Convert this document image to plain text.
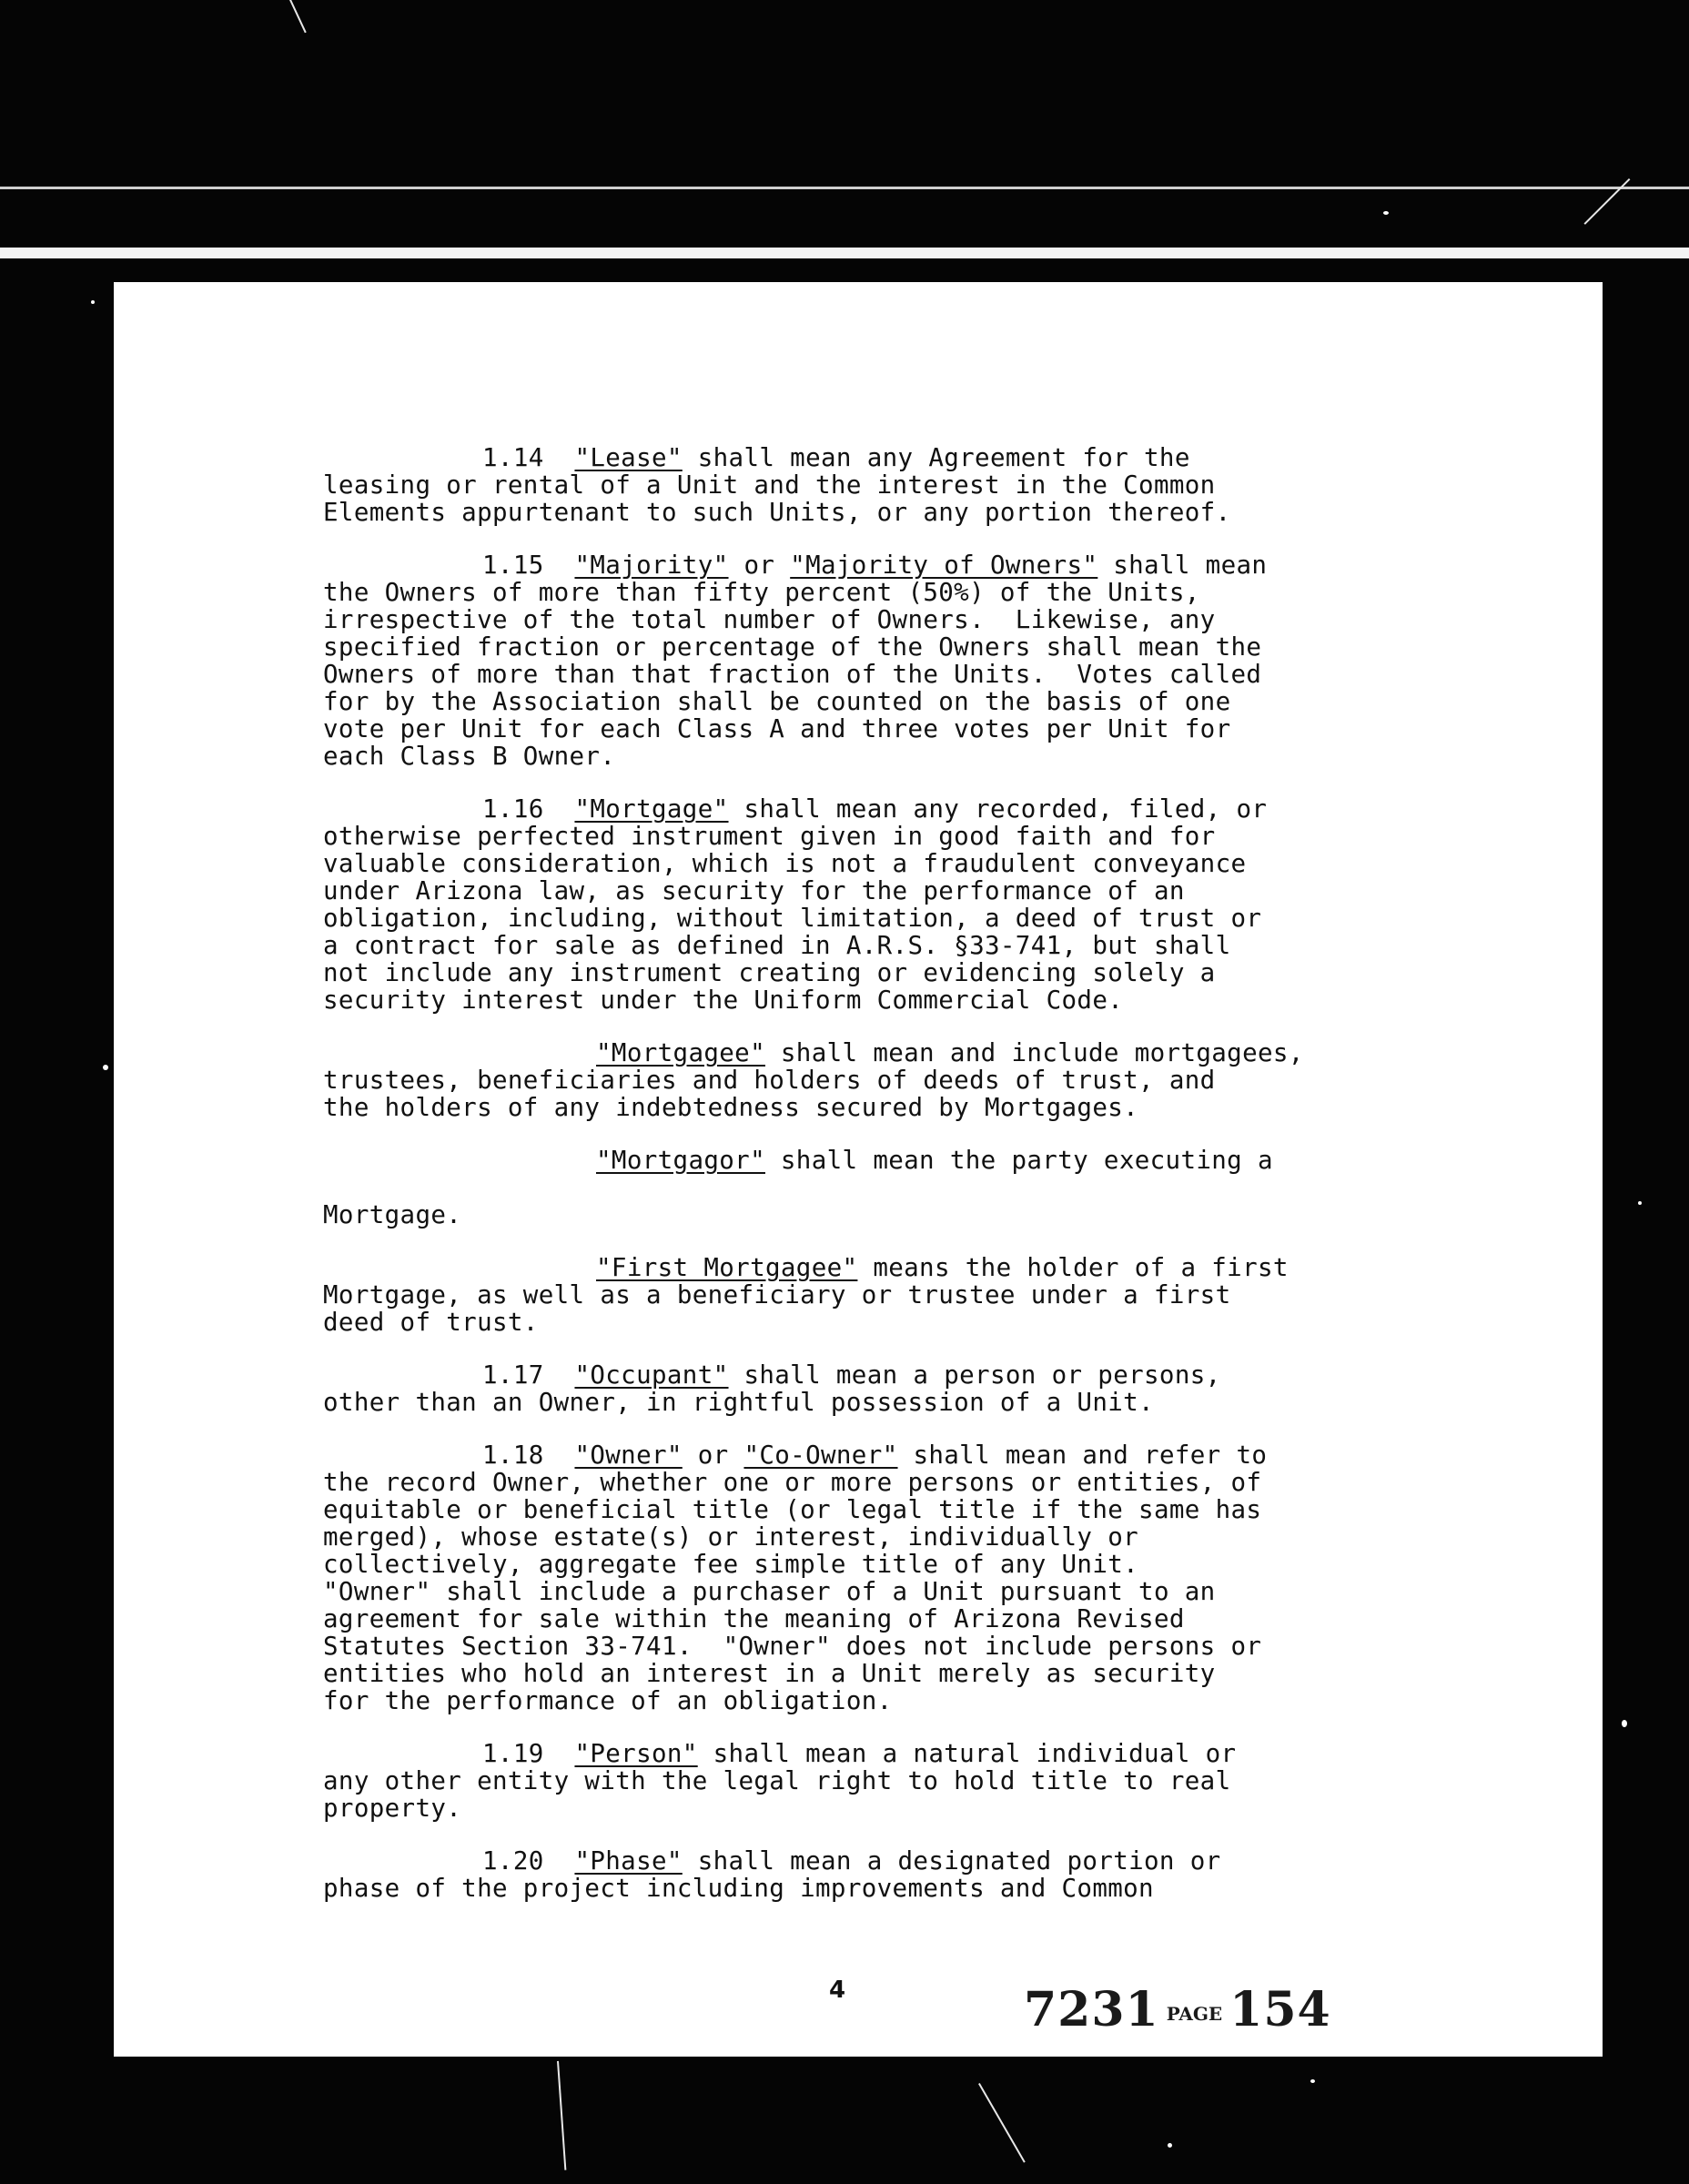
1.14  "Lease" shall mean any Agreement for the
leasing or rental of a Unit and the interest in the Common
Elements appurtenant to such Units, or any portion thereof.

1.15  "Majority" or "Majority of Owners" shall mean
the Owners of more than fifty percent (50%) of the Units,
irrespective of the total number of Owners.  Likewise, any
specified fraction or percentage of the Owners shall mean the
Owners of more than that fraction of the Units.  Votes called
for by the Association shall be counted on the basis of one
vote per Unit for each Class A and three votes per Unit for
each Class B Owner.

1.16  "Mortgage" shall mean any recorded, filed, or
otherwise perfected instrument given in good faith and for
valuable consideration, which is not a fraudulent conveyance
under Arizona law, as security for the performance of an
obligation, including, without limitation, a deed of trust or
a contract for sale as defined in A.R.S. §33-741, but shall
not include any instrument creating or evidencing solely a
security interest under the Uniform Commercial Code.

"Mortgagee" shall mean and include mortgagees,
trustees, beneficiaries and holders of deeds of trust, and
the holders of any indebtedness secured by Mortgages.

"Mortgagor" shall mean the party executing a

Mortgage.

"First Mortgagee" means the holder of a first
Mortgage, as well as a beneficiary or trustee under a first
deed of trust.

1.17  "Occupant" shall mean a person or persons,
other than an Owner, in rightful possession of a Unit.

1.18  "Owner" or "Co-Owner" shall mean and refer to
the record Owner, whether one or more persons or entities, of
equitable or beneficial title (or legal title if the same has
merged), whose estate(s) or interest, individually or
collectively, aggregate fee simple title of any Unit.
"Owner" shall include a purchaser of a Unit pursuant to an
agreement for sale within the meaning of Arizona Revised
Statutes Section 33-741.  "Owner" does not include persons or
entities who hold an interest in a Unit merely as security
for the performance of an obligation.

1.19  "Person" shall mean a natural individual or
any other entity with the legal right to hold title to real
property.

1.20  "Phase" shall mean a designated portion or
phase of the project including improvements and Common

4	7231 PAGE 154
